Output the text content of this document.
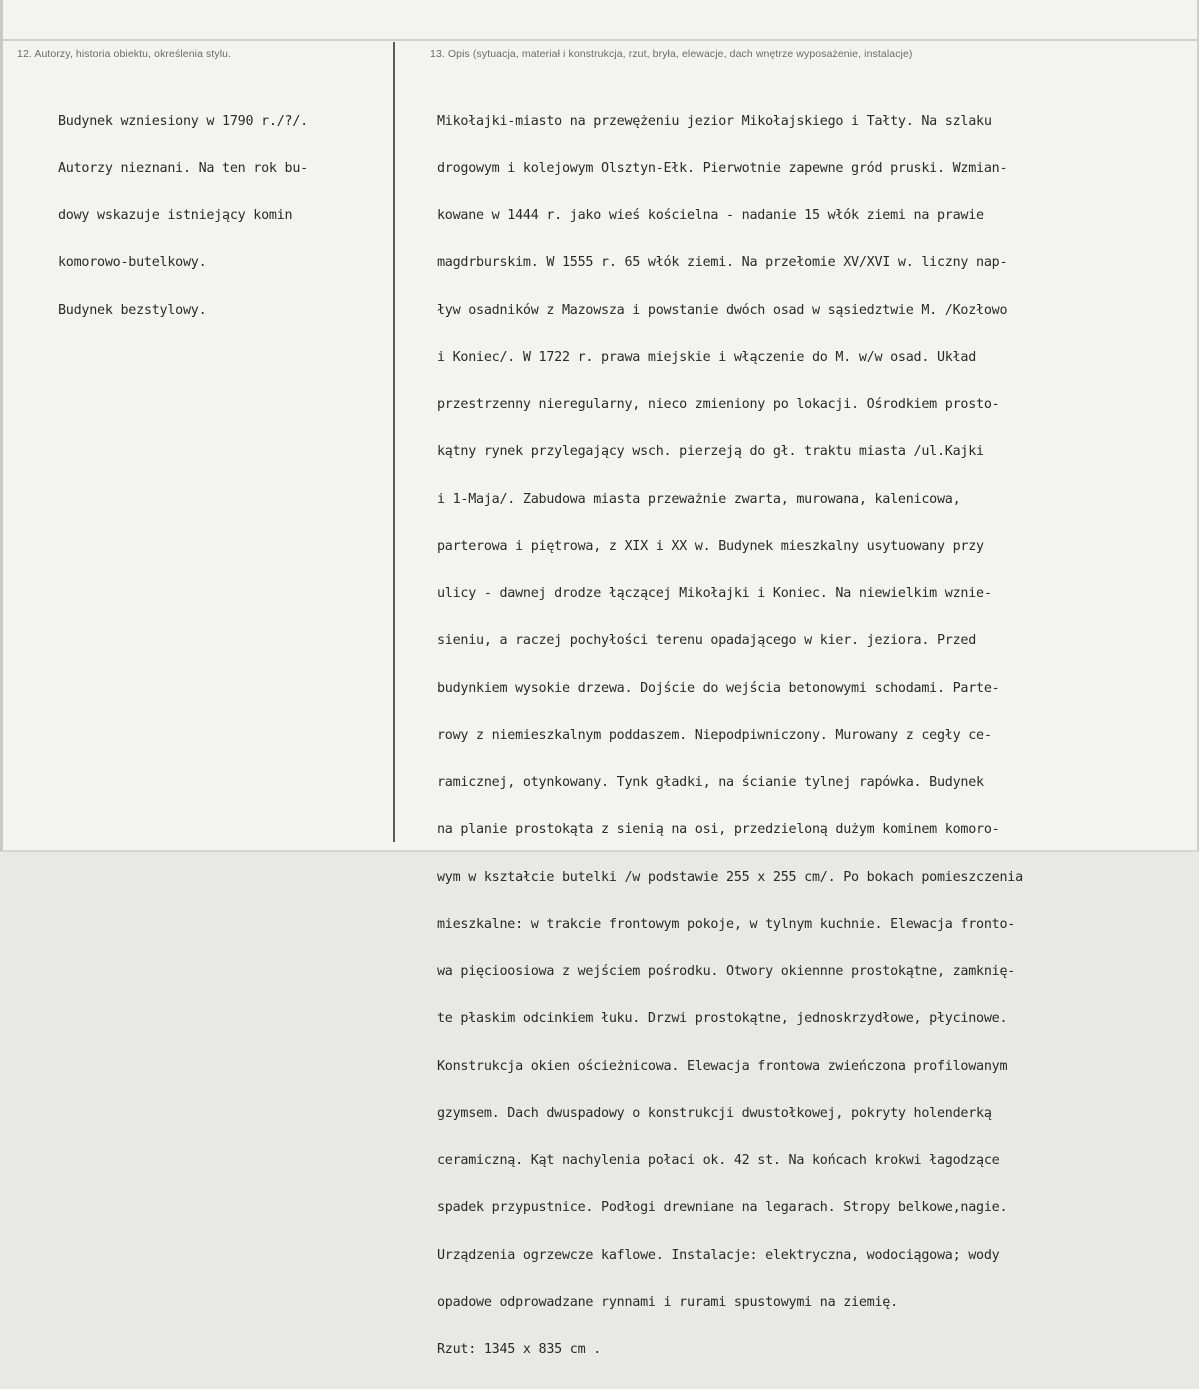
12. Autorzy, historia obiektu, określenia stylu.	13. Opis (sytuacja, materiał i konstrukcja, rzut, bryła, elewacje, dach wnętrze wyposażenie, instalacje)

Budynek wzniesiony w 1790 r./?/.

Autorzy nieznani. Na ten rok bu-

dowy wskazuje istniejący komin

komorowo-butelkowy.

Budynek bezstylowy.

Mikołajki-miasto na przewężeniu jezior Mikołajskiego i Tałty. Na szlaku

drogowym i kolejowym Olsztyn-Ełk. Pierwotnie zapewne gród pruski. Wzmian-

kowane w 1444 r. jako wieś kościelna - nadanie 15 włók ziemi na prawie

magdrburskim. W 1555 r. 65 włók ziemi. Na przełomie XV/XVI w. liczny nap-

ływ osadników z Mazowsza i powstanie dwóch osad w sąsiedztwie M. /Kozłowo

i Koniec/. W 1722 r. prawa miejskie i włączenie do M. w/w osad. Układ

przestrzenny nieregularny, nieco zmieniony po lokacji. Ośrodkiem prosto-

kątny rynek przylegający wsch. pierzeją do gł. traktu miasta /ul.Kajki

i 1-Maja/. Zabudowa miasta przeważnie zwarta, murowana, kalenicowa,

parterowa i piętrowa, z XIX i XX w. Budynek mieszkalny usytuowany przy

ulicy - dawnej drodze łączącej Mikołajki i Koniec. Na niewielkim wznie-

sieniu, a raczej pochyłości terenu opadającego w kier. jeziora. Przed

budynkiem wysokie drzewa. Dojście do wejścia betonowymi schodami. Parte-

rowy z niemieszkalnym poddaszem. Niepodpiwniczony. Murowany z cegły ce-

ramicznej, otynkowany. Tynk gładki, na ścianie tylnej rapówka. Budynek

na planie prostokąta z sienią na osi, przedzieloną dużym kominem komoro-

wym w kształcie butelki /w podstawie 255 x 255 cm/. Po bokach pomieszczenia

mieszkalne: w trakcie frontowym pokoje, w tylnym kuchnie. Elewacja fronto-

wa pięcioosiowa z wejściem pośrodku. Otwory okiennne prostokątne, zamknię-

te płaskim odcinkiem łuku. Drzwi prostokątne, jednoskrzydłowe, płycinowe.

Konstrukcja okien ościeżnicowa. Elewacja frontowa zwieńczona profilowanym

gzymsem. Dach dwuspadowy o konstrukcji dwustołkowej, pokryty holenderką

ceramiczną. Kąt nachylenia połaci ok. 42 st. Na końcach krokwi łagodzące

spadek przypustnice. Podłogi drewniane na legarach. Stropy belkowe,nagie.

Urządzenia ogrzewcze kaflowe. Instalacje: elektryczna, wodociągowa; wody

opadowe odprowadzane rynnami i rurami spustowymi na ziemię.

Rzut: 1345 x 835 cm .
